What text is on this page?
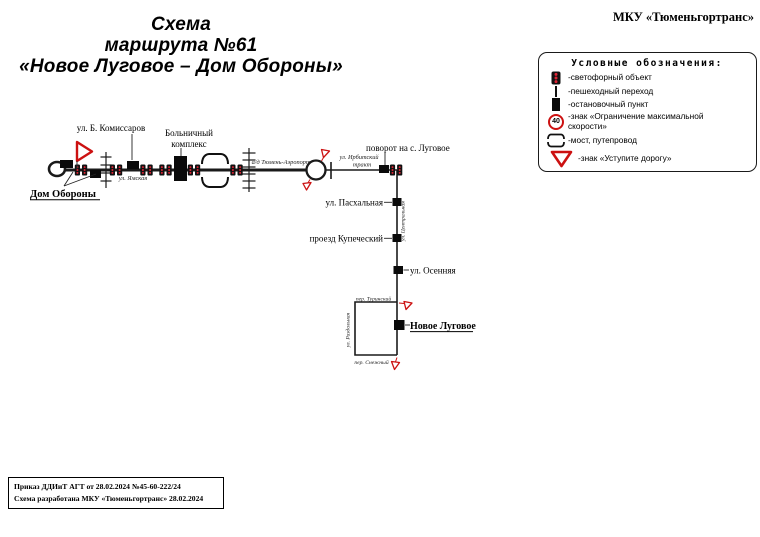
Схема
маршрута №61
«Новое Луговое – Дом Обороны»
МКУ «Тюменьгортранс»
Условные обозначения:
-светофорный объект
-пешеходный переход
-остановочный пункт
40
-знак «Ограничение максимальной скорости»
-мост, путепровод
-знак «Уступите дорогу»
Дом Обороны
Новое Луговое
ул. Б. Комиссаров Больничный
комплекс	поворот на с. Луговое
ул. Пасхальная
проезд Купеческий
ул. Осенняя
ул. Ямская
а/д Тюмень-Аэропорт
ул. Ирбитский
тракт
ул. Центральная
пер. Туринский
ул. Раздольная
пер. Снежный
Приказ ДДИиТ АГТ от 28.02.2024 №45-60-222/24
Схема разработана МКУ «Тюменьгортранс» 28.02.2024
